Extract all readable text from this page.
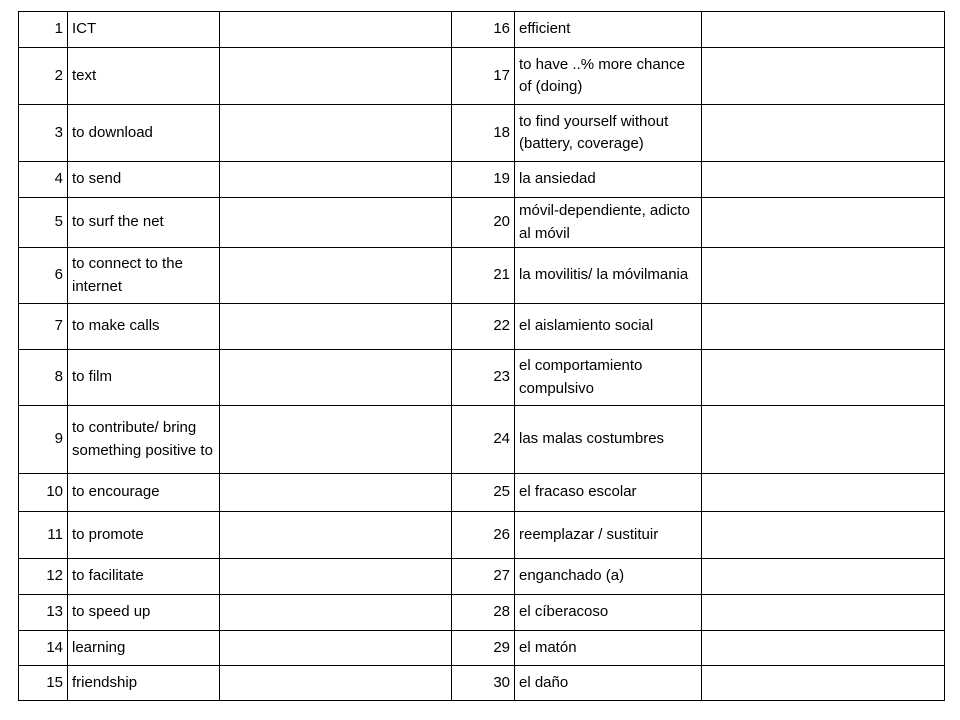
1	ICT		16	efficient	
2	text		17	to have ..% more chance of (doing)	
3	to download		18	to find yourself without (battery, coverage)	
4	to send		19	la ansiedad	
5	to surf the net		20	móvil-dependiente, adicto al móvil	
6	to connect to the internet		21	la movilitis/ la móvilmania	
7	to make calls		22	el aislamiento social	
8	to film		23	el comportamiento compulsivo	
9	to contribute/ bring something positive to		24	las malas costumbres	
10	to encourage		25	el fracaso escolar	
11	to promote		26	reemplazar / sustituir	
12	to facilitate		27	enganchado (a)	
13	to speed up		28	el cíberacoso	
14	learning		29	el matón	
15	friendship		30	el daño	
